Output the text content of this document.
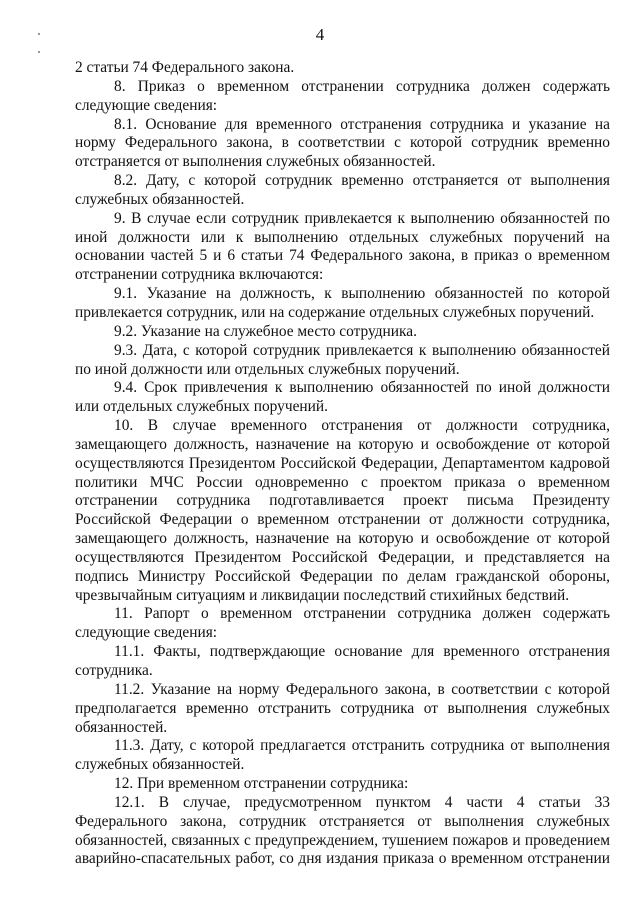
4

2 статьи 74 Федерального закона.

8. Приказ о временном отстранении сотрудника должен содержать следующие сведения:

8.1. Основание для временного отстранения сотрудника и указание на норму Федерального закона, в соответствии с которой сотрудник временно отстраняется от выполнения служебных обязанностей.

8.2. Дату, с которой сотрудник временно отстраняется от выполнения служебных обязанностей.

9. В случае если сотрудник привлекается к выполнению обязанностей по иной должности или к выполнению отдельных служебных поручений на основании частей 5 и 6 статьи 74 Федерального закона, в приказ о временном отстранении сотрудника включаются:

9.1. Указание на должность, к выполнению обязанностей по которой привлекается сотрудник, или на содержание отдельных служебных поручений.

9.2. Указание на служебное место сотрудника.

9.3. Дата, с которой сотрудник привлекается к выполнению обязанностей по иной должности или отдельных служебных поручений.

9.4. Срок привлечения к выполнению обязанностей по иной должности или отдельных служебных поручений.

10. В случае временного отстранения от должности сотрудника, замещающего должность, назначение на которую и освобождение от которой осуществляются Президентом Российской Федерации, Департаментом кадровой политики МЧС России одновременно с проектом приказа о временном отстранении сотрудника подготавливается проект письма Президенту Российской Федерации о временном отстранении от должности сотрудника, замещающего должность, назначение на которую и освобождение от которой осуществляются Президентом Российской Федерации, и представляется на подпись Министру Российской Федерации по делам гражданской обороны, чрезвычайным ситуациям и ликвидации последствий стихийных бедствий.

11. Рапорт о временном отстранении сотрудника должен содержать следующие сведения:

11.1. Факты, подтверждающие основание для временного отстранения сотрудника.

11.2. Указание на норму Федерального закона, в соответствии с которой предполагается временно отстранить сотрудника от выполнения служебных обязанностей.

11.3. Дату, с которой предлагается отстранить сотрудника от выполнения служебных обязанностей.

12. При временном отстранении сотрудника:

12.1. В случае, предусмотренном пунктом 4 части 4 статьи 33 Федерального закона, сотрудник отстраняется от выполнения служебных обязанностей, связанных с предупреждением, тушением пожаров и проведением аварийно-спасательных работ, со дня издания приказа о временном отстранении
